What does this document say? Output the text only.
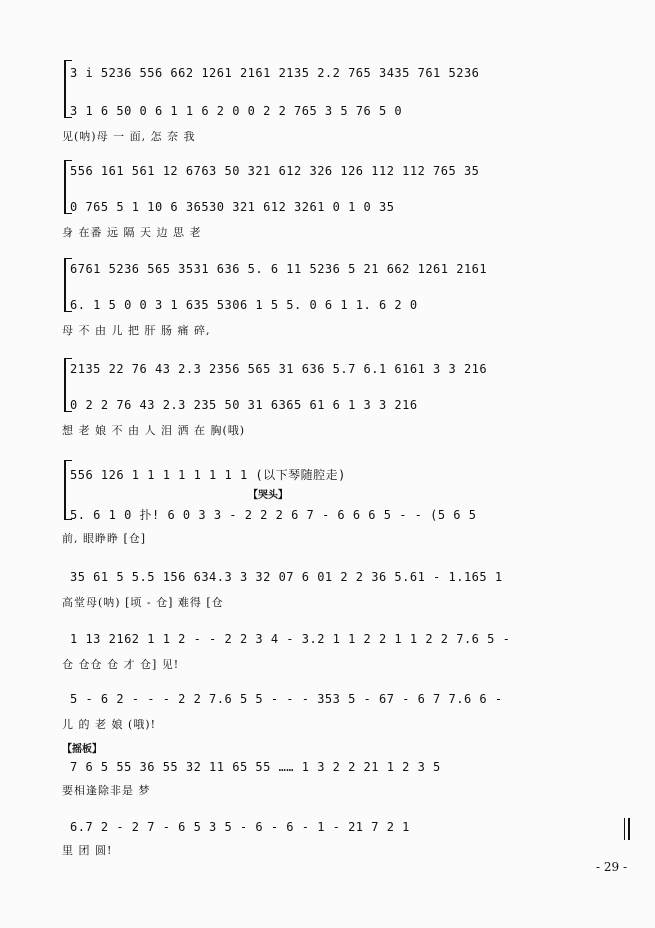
3 i 5236 556 662 1261 2161 2135 2.2 765 3435 761 5236
3 1 6 50 0 6 1 1 6 2 0 0 2 2 765 3 5 76 5 0
见(呐)母 一 面, 怎 奈 我
556 161 561 12 6763 50 321 612 326 126 112 112 765 35
0 765 5 1 10 6 36530 321 612 3261 0 1 0 35
身 在番 远 隔 天 边 思 老
6761 5236 565 3531 636 5. 6 11 5236 5 21 662 1261 2161
6. 1 5 0 0 3 1 635 5306 1 5 5. 0 6 1 1. 6 2 0
母 不 由 儿 把 肝 肠 痛 碎,
2135 22 76 43 2.3 2356 565 31 636 5.7 6.1 6161 3 3 216
0 2 2 76 43 2.3 235 50 31 6365 61 6 1 3 3 216
想 老 娘 不 由 人 泪 洒 在 胸(哦)
556 126 1 1 1 1 1 1 1 1 (以下琴随腔走)
【哭头】
5. 6 1 0 扑! 6 0 3 3 - 2 2 2 6 7 - 6 6 6 5 - - (5 6 5
前, 眼睁睁 [仓]
35 61 5 5.5 156 634.3 3 32 07 6 01 2 2 36 5.61 - 1.165 1
高堂母(呐) [顷 - 仓] 难得 [仓
1 13 2162 1 1 2 - - 2 2 3 4 - 3.2 1 1 2 2 1 1 2 2 7.6 5 -
仓 仓仓 仓 才 仓] 见!
5 - 6 2 - - - 2 2 7.6 5 5 - - - 353 5 - 67 - 6 7 7.6 6 -
儿 的 老 娘 (哦)!
【摇板】
7 6 5 55 36 55 32 11 65 55 …… 1 3 2 2 21 1 2 3 5
要相逢除非是 梦
6.7 2 - 2 7 - 6 5 3 5 - 6 - 6 - 1 - 21 7 2 1
里 团 圆!
- 29 -
